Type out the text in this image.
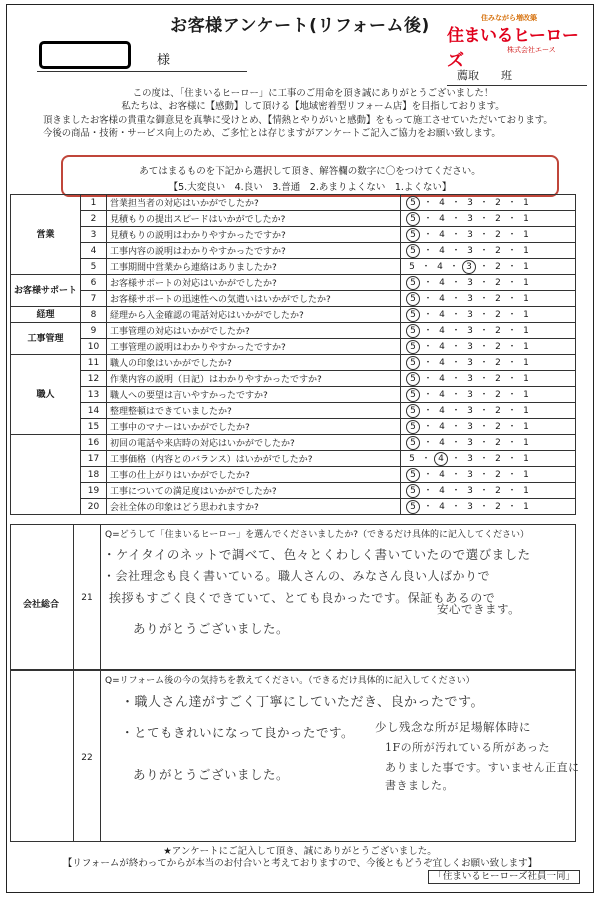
お客様アンケート(リフォーム後)	住みながら増改築
住まいるヒーローズ
株式会社エース
様
薦取　　班
この度は、「住まいるヒーロー」に工事のご用命を頂き誠にありがとうございました！
私たちは、お客様に【感動】して頂ける【地域密着型リフォーム店】を目指しております。
頂きましたお客様の貴重な御意見を真摯に受けとめ、【情熱とやりがいと感動】をもって施工させていただいております。
今後の商品・技術・サービス向上のため、ご多忙とは存じますがアンケートご記入ご協力をお願い致します。
あてはまるものを下記から選択して頂き、解答欄の数字に〇をつけてください。
【5.大変良い　4.良い　3.普通　2.あまりよくない　1.よくない】
営業	1	営業担当者の対応はいかがでしたか?	5 ・ 4 ・ 3 ・ 2 ・ 1
	2	見積もりの提出スピードはいかがでしたか?	5 ・ 4 ・ 3 ・ 2 ・ 1
	3	見積もりの説明はわかりやすかったですか?	5 ・ 4 ・ 3 ・ 2 ・ 1
	4	工事内容の説明はわかりやすかったですか?	5 ・ 4 ・ 3 ・ 2 ・ 1
	5	工事期間中営業から連絡はありましたか?	5 ・ 4 ・ 3 ・ 2 ・ 1
お客様サポート	6	お客様サポートの対応はいかがでしたか?	5 ・ 4 ・ 3 ・ 2 ・ 1
	7	お客様サポートの迅速性への気遣いはいかがでしたか?	5 ・ 4 ・ 3 ・ 2 ・ 1
経理	8	経理から入金確認の電話対応はいかがでしたか?	5 ・ 4 ・ 3 ・ 2 ・ 1
工事管理	9	工事管理の対応はいかがでしたか?	5 ・ 4 ・ 3 ・ 2 ・ 1
	10	工事管理の説明はわかりやすかったですか?	5 ・ 4 ・ 3 ・ 2 ・ 1
職人	11	職人の印象はいかがでしたか?	5 ・ 4 ・ 3 ・ 2 ・ 1
	12	作業内容の説明（日記）はわかりやすかったですか?	5 ・ 4 ・ 3 ・ 2 ・ 1
	13	職人への要望は言いやすかったですか?	5 ・ 4 ・ 3 ・ 2 ・ 1
	14	整理整頓はできていましたか?	5 ・ 4 ・ 3 ・ 2 ・ 1
	15	工事中のマナーはいかがでしたか?	5 ・ 4 ・ 3 ・ 2 ・ 1
	16	初回の電話や来店時の対応はいかがでしたか?	5 ・ 4 ・ 3 ・ 2 ・ 1
	17	工事価格（内容とのバランス）はいかがでしたか?	5 ・ 4 ・ 3 ・ 2 ・ 1
	18	工事の仕上がりはいかがでしたか?	5 ・ 4 ・ 3 ・ 2 ・ 1
	19	工事についての満足度はいかがでしたか?	5 ・ 4 ・ 3 ・ 2 ・ 1
	20	会社全体の印象はどう思われますか?	5 ・ 4 ・ 3 ・ 2 ・ 1
21
Q=どうして「住まいるヒーロー」を選んでくださいましたか?（できるだけ具体的に記入してください）
・ケイタイのネットで調べて、色々とくわしく書いていたので選びました
・会社理念も良く書いている。職人さんの、みなさん良い人ばかりで
挨拶もすごく良くできていて、とても良かったです。保証もあるので
安心できます。
ありがとうございました。
22
Q=リフォーム後の今の気持ちを教えてください。（できるだけ具体的に記入してください）
・職人さん達がすごく丁寧にしていただき、良かったです。
・とてもきれいになって良かったです。
ありがとうございました。
少し残念な所が足場解体時に
1Fの所が汚れている所があった
ありました事です。すいません正直に
書きました。
会社総合
★アンケートにご記入して頂き、誠にありがとうございました。
【リフォームが終わってからが本当のお付合いと考えておりますので、今後ともどうぞ宜しくお願い致します】
「住まいるヒーローズ社員一同」
